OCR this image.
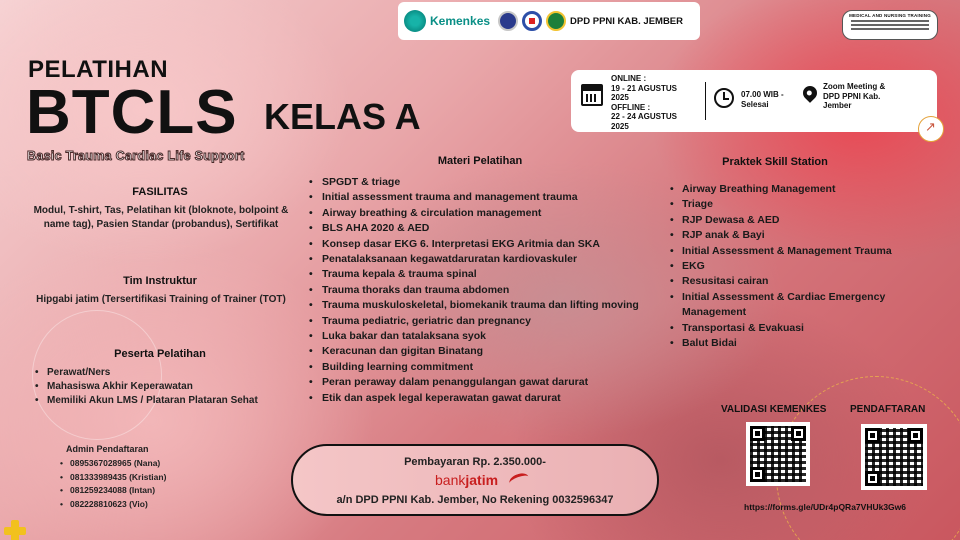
Kemenkes	DPD PPNI KAB. JEMBER	MEDICAL AND NURSING TRAINING
PELATIHAN
BTCLS KELAS A
Basic Trauma Cardiac Life Support
ONLINE :
19 - 21 AGUSTUS
2025
OFFLINE :
22 - 24 AGUSTUS
2025
07.00 WIB -
Selesai
Zoom Meeting &
DPD PPNI Kab.
Jember
↗
FASILITAS
Modul, T-shirt, Tas, Pelatihan kit (bloknote, bolpoint & name tag), Pasien Standar (probandus), Sertifikat
Tim Instruktur
Hipgabi jatim (Tersertifikasi Training of Trainer (TOT)
Peserta Pelatihan
• Perawat/Ners
• Mahasiswa Akhir Keperawatan
• Memiliki Akun LMS / Plataran Plataran Sehat
Admin Pendaftaran
• 0895367028965 (Nana)
• 081333989435 (Kristian)
• 081259234088 (Intan)
• 082228810623 (Vio)
Materi Pelatihan
• SPGDT & triage
• Initial assessment trauma and management trauma
• Airway breathing & circulation management
• BLS AHA 2020 & AED
• Konsep dasar EKG 6. Interpretasi EKG Aritmia dan SKA
• Penatalaksanaan kegawatdaruratan kardiovaskuler
• Trauma kepala & trauma spinal
• Trauma thoraks dan trauma abdomen
• Trauma muskuloskeletal, biomekanik trauma dan lifting moving
• Trauma pediatric, geriatric dan pregnancy
• Luka bakar dan tatalaksana syok
• Keracunan dan gigitan Binatang
• Building learning commitment
• Peran peraway dalam penanggulangan gawat darurat
• Etik dan aspek legal keperawatan gawat darurat
Praktek Skill Station
• Airway Breathing Management
• Triage
• RJP Dewasa & AED
• RJP anak & Bayi
• Initial Assessment & Management Trauma
• EKG
• Resusitasi cairan
• Initial Assessment & Cardiac Emergency Management
• Transportasi & Evakuasi
• Balut Bidai
Pembayaran Rp. 2.350.000-
bankjatim
a/n DPD PPNI Kab. Jember, No Rekening 0032596347
VALIDASI KEMENKES PENDAFTARAN
https://forms.gle/UDr4pQRa7VHUk3Gw6
